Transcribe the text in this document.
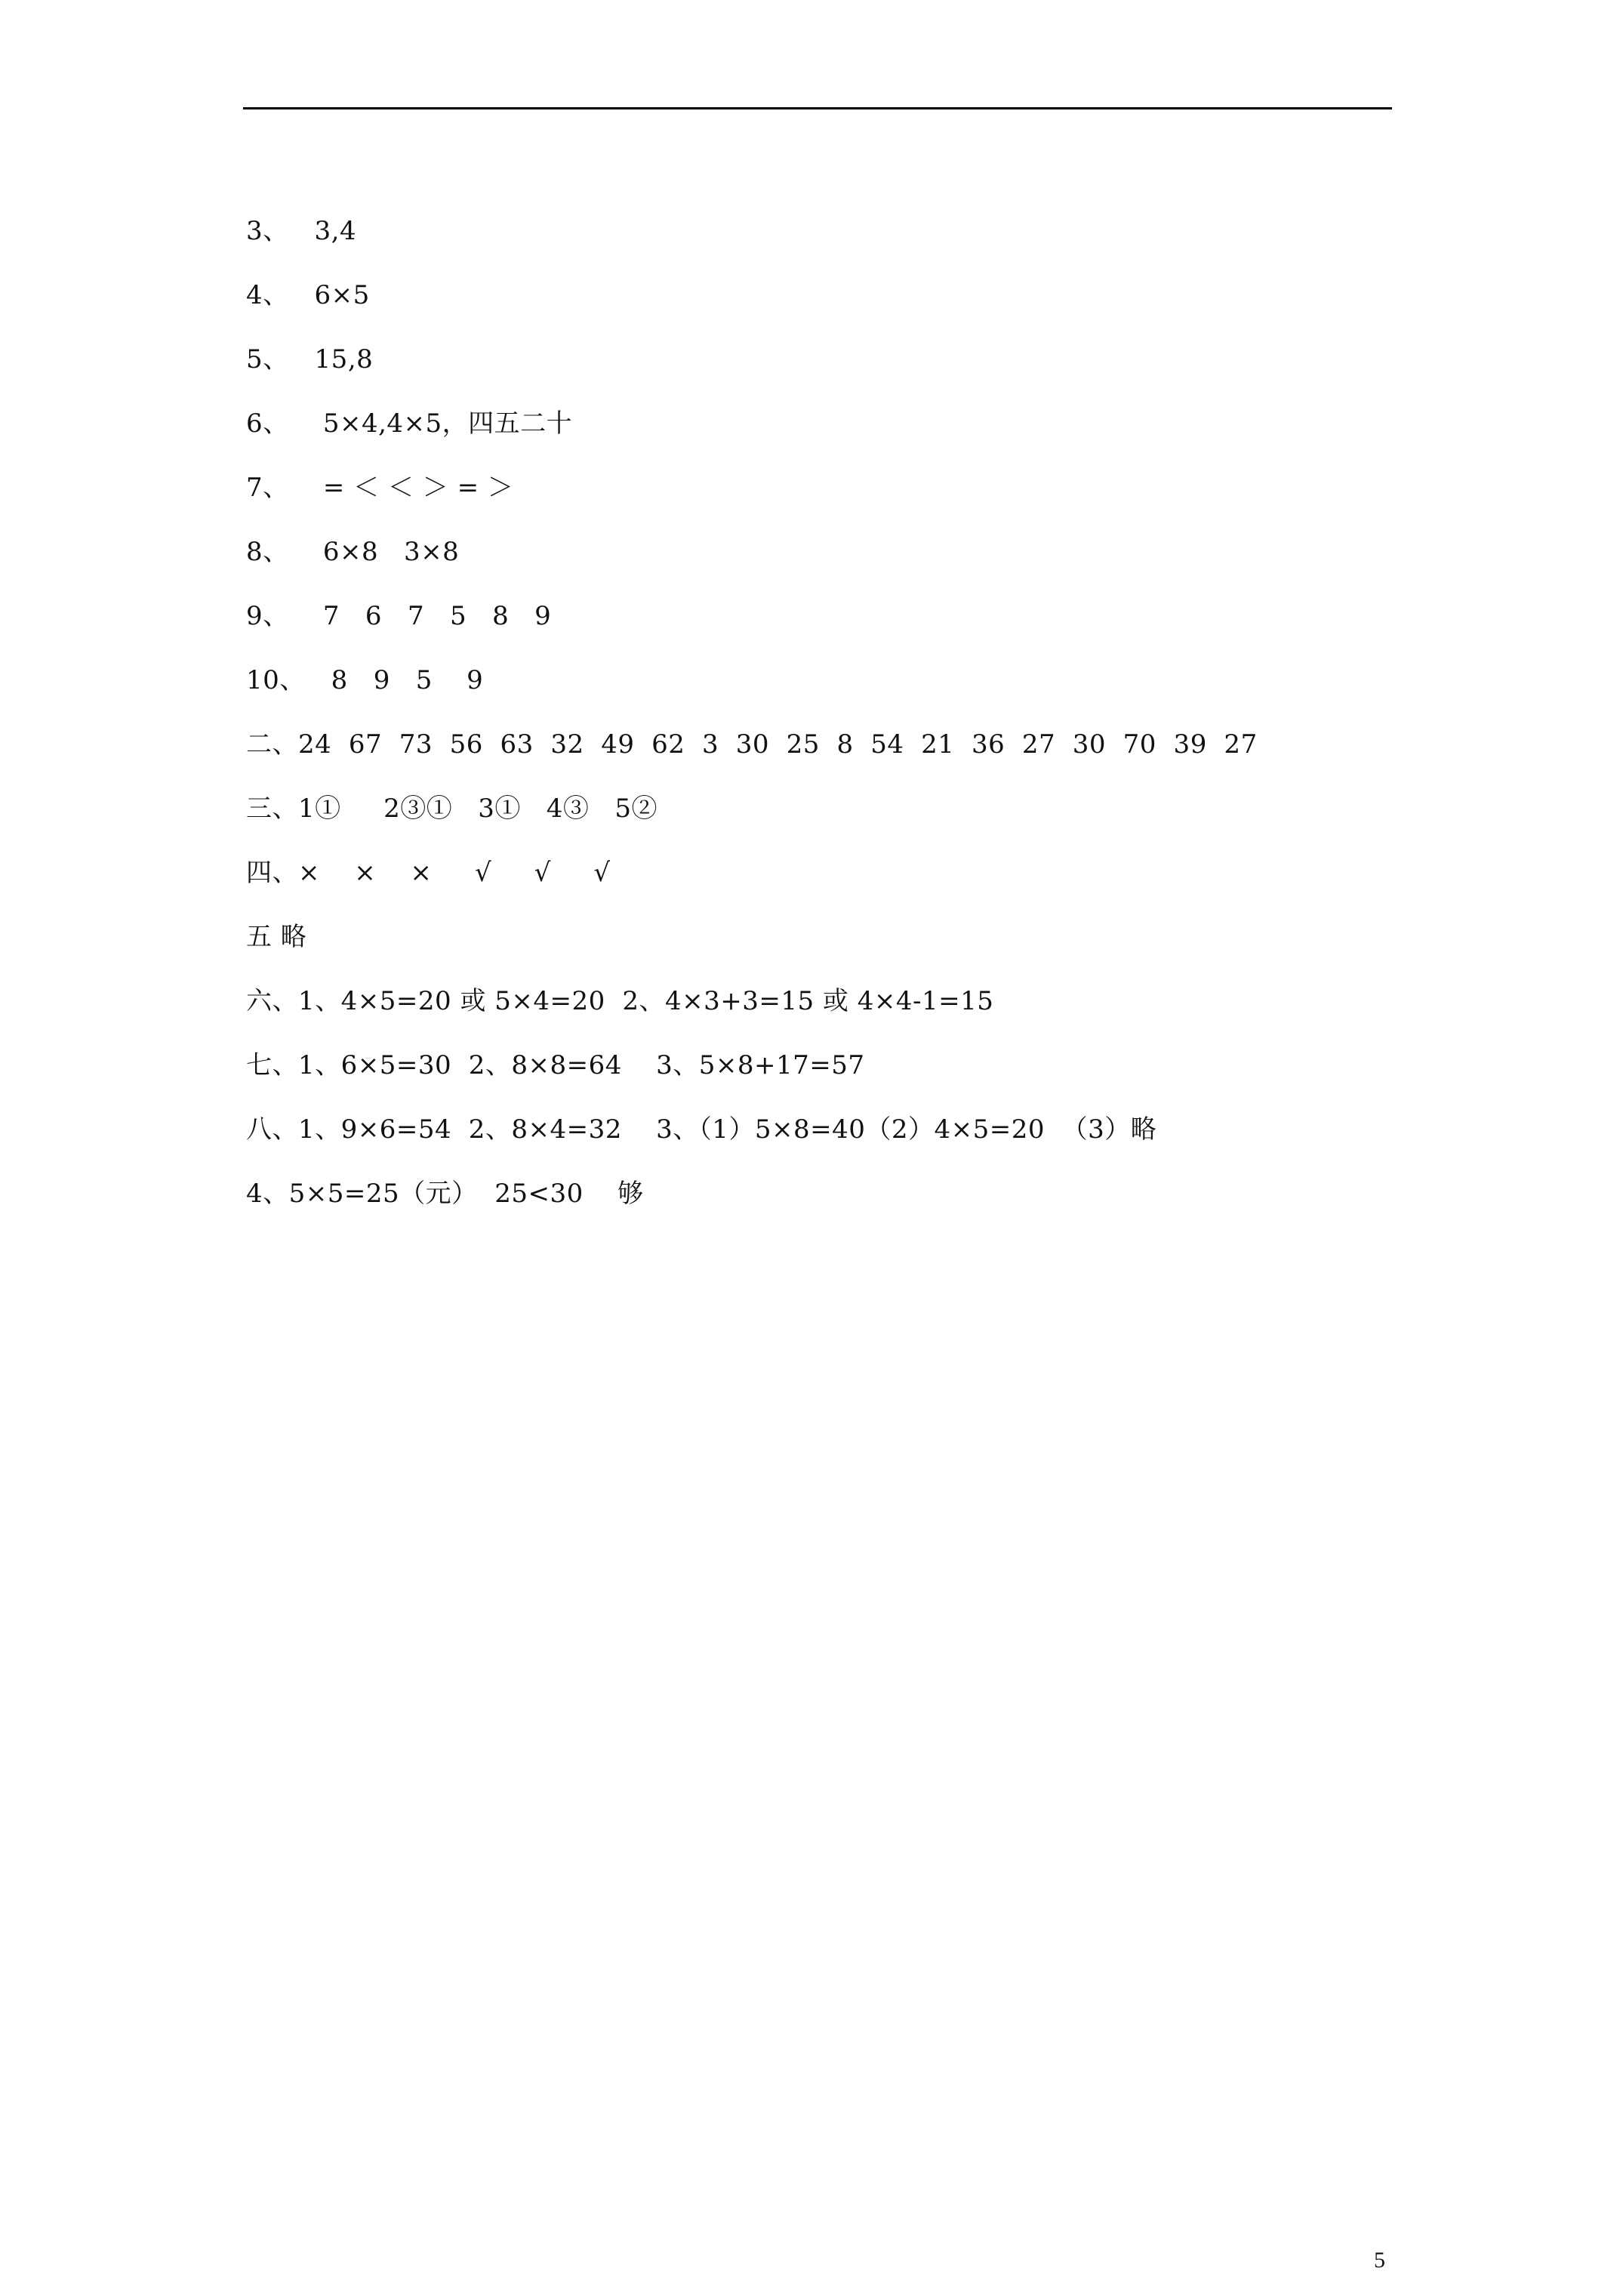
3、   3,4
4、   6×5
5、   15,8
6、    5×4,4×5，四五二十
7、    = ＜ ＜ ＞ = ＞
8、    6×8   3×8
9、    7   6   7   5   8   9
10、   8   9   5    9
二、24  67  73  56  63  32  49  62  3  30  25  8  54  21  36  27  30  70  39  27
三、1①     2③①   3①   4③   5②
四、×    ×    ×     √     √     √
五 略
六、1、4×5=20 或 5×4=20  2、4×3+3=15 或 4×4-1=15
七、1、6×5=30  2、8×8=64    3、5×8+17=57
八、1、9×6=54  2、8×4=32    3、（1）5×8=40（2）4×5=20  （3）略
4、5×5=25（元）  25<30    够
5
